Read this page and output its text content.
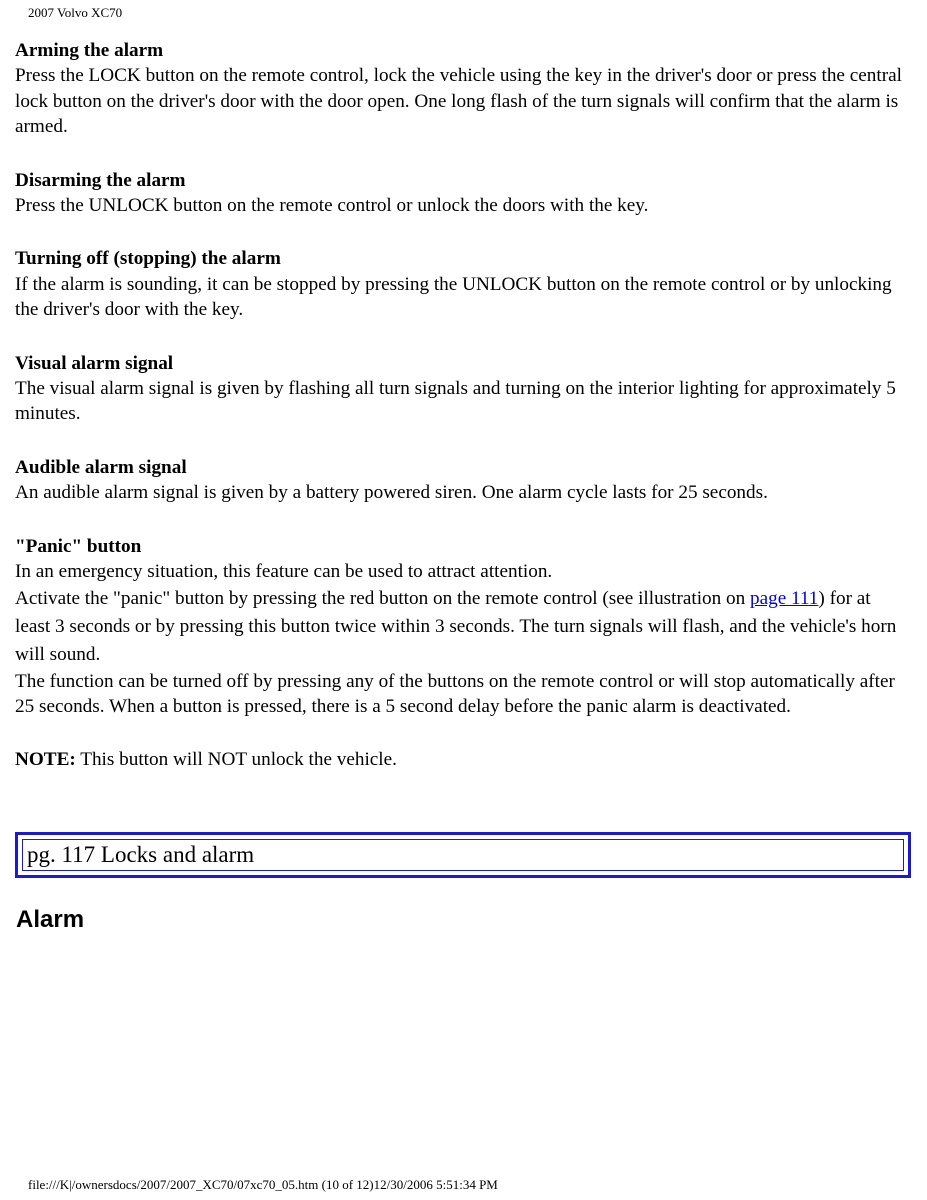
2007 Volvo XC70
Arming the alarm

Press the LOCK button on the remote control, lock the vehicle using the key in the driver's door or press the central lock button on the driver's door with the door open. One long flash of the turn signals will confirm that the alarm is armed.

Disarming the alarm

Press the UNLOCK button on the remote control or unlock the doors with the key.

Turning off (stopping) the alarm

If the alarm is sounding, it can be stopped by pressing the UNLOCK button on the remote control or by unlocking the driver's door with the key.

Visual alarm signal

The visual alarm signal is given by flashing all turn signals and turning on the interior lighting for approximately 5 minutes.

Audible alarm signal

An audible alarm signal is given by a battery powered siren. One alarm cycle lasts for 25 seconds.

"Panic" button

In an emergency situation, this feature can be used to attract attention.

Activate the "panic" button by pressing the red button on the remote control (see illustration on page 111) for at least 3 seconds or by pressing this button twice within 3 seconds. The turn signals will flash, and the vehicle's horn will sound.

The function can be turned off by pressing any of the buttons on the remote control or will stop automatically after 25 seconds. When a button is pressed, there is a 5 second delay before the panic alarm is deactivated.

NOTE: This button will NOT unlock the vehicle.

pg. 117 Locks and alarm
Alarm
file:///K|/ownersdocs/2007/2007_XC70/07xc70_05.htm (10 of 12)12/30/2006 5:51:34 PM
